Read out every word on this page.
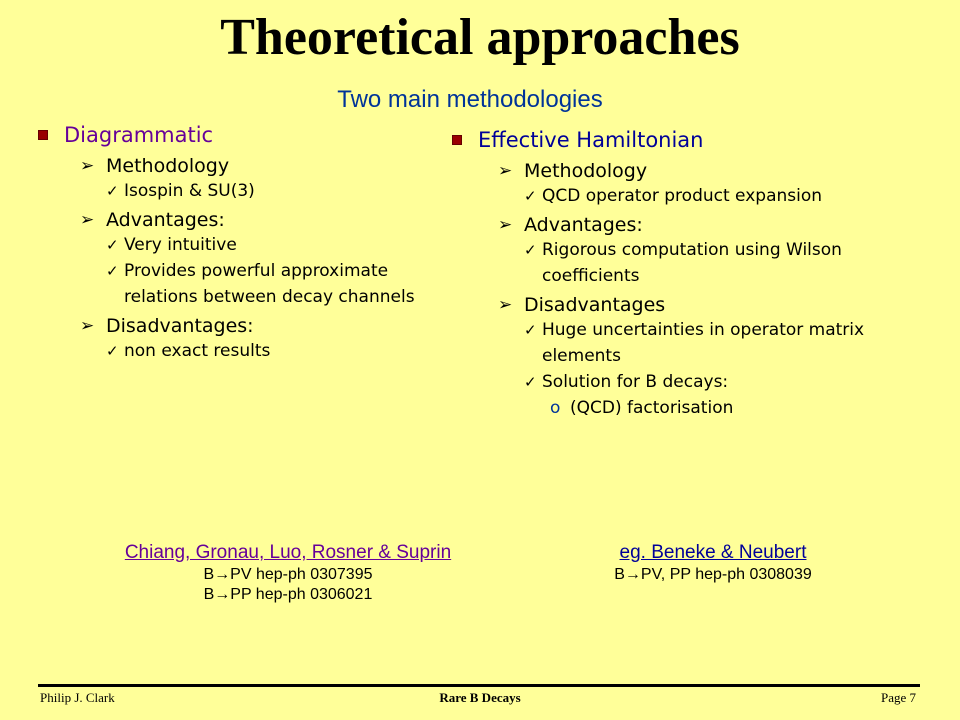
Theoretical approaches
Two main methodologies
Diagrammatic
➢ Methodology
✓ Isospin & SU(3)
➢ Advantages:
✓ Very intuitive
✓ Provides powerful approximate relations between decay channels
➢ Disadvantages:
✓ non exact results
Effective Hamiltonian
➢ Methodology
✓ QCD operator product expansion
➢ Advantages:
✓ Rigorous computation using Wilson coefficients
➢ Disadvantages
✓ Huge uncertainties in operator matrix elements
✓ Solution for B decays:
o (QCD) factorisation
Chiang, Gronau, Luo, Rosner & Suprin
B→PV hep-ph 0307395
B→PP hep-ph 0306021
eg. Beneke & Neubert
B→PV, PP hep-ph 0308039
Philip J. Clark	Rare B Decays	Page 7
